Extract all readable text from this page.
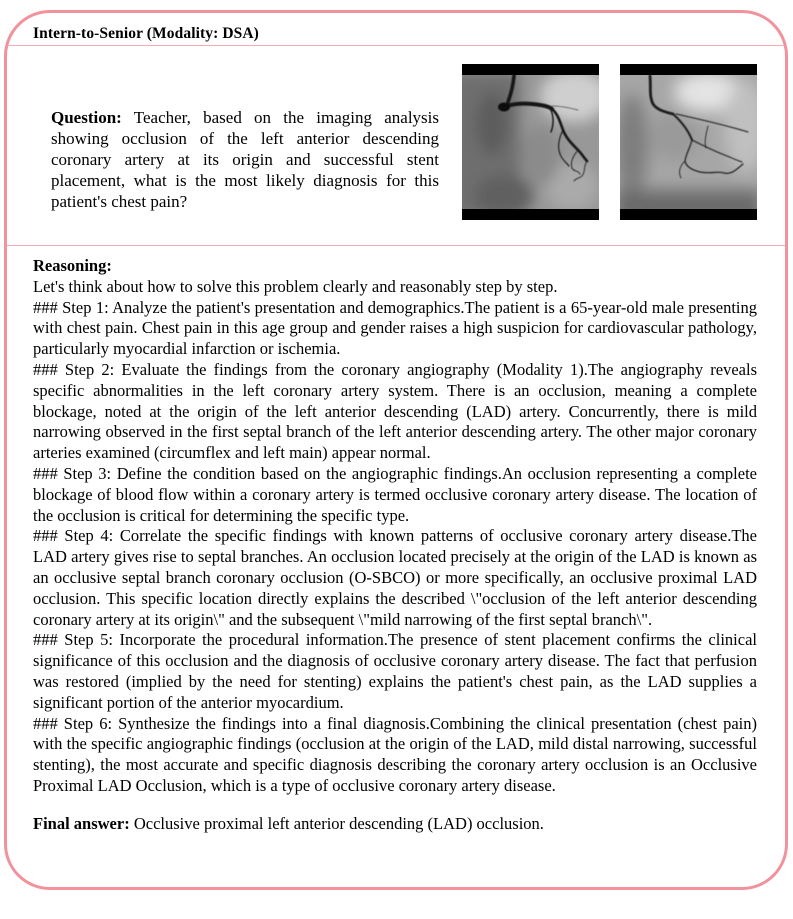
Intern-to-Senior (Modality: DSA)

Question: Teacher, based on the imaging analysis showing occlusion of the left anterior descending coronary artery at its origin and successful stent placement, what is the most likely diagnosis for this patient's chest pain?

Reasoning:

Let's think about how to solve this problem clearly and reasonably step by step.
### Step 1: Analyze the patient's presentation and demographics.The patient is a 65-year-old male presenting with chest pain. Chest pain in this age group and gender raises a high suspicion for cardiovascular pathology, particularly myocardial infarction or ischemia.
### Step 2: Evaluate the findings from the coronary angiography (Modality 1).The angiography reveals specific abnormalities in the left coronary artery system. There is an occlusion, meaning a complete blockage, noted at the origin of the left anterior descending (LAD) artery. Concurrently, there is mild narrowing observed in the first septal branch of the left anterior descending artery. The other major coronary arteries examined (circumflex and left main) appear normal.
### Step 3: Define the condition based on the angiographic findings.An occlusion representing a complete blockage of blood flow within a coronary artery is termed occlusive coronary artery disease. The location of the occlusion is critical for determining the specific type.
### Step 4: Correlate the specific findings with known patterns of occlusive coronary artery disease.The LAD artery gives rise to septal branches. An occlusion located precisely at the origin of the LAD is known as an occlusive septal branch coronary occlusion (O-SBCO) or more specifically, an occlusive proximal LAD occlusion. This specific location directly explains the described \"occlusion of the left anterior descending coronary artery at its origin\" and the subsequent \"mild narrowing of the first septal branch\".
### Step 5: Incorporate the procedural information.The presence of stent placement confirms the clinical significance of this occlusion and the diagnosis of occlusive coronary artery disease. The fact that perfusion was restored (implied by the need for stenting) explains the patient's chest pain, as the LAD supplies a significant portion of the anterior myocardium.
### Step 6: Synthesize the findings into a final diagnosis.Combining the clinical presentation (chest pain) with the specific angiographic findings (occlusion at the origin of the LAD, mild distal narrowing, successful stenting), the most accurate and specific diagnosis describing the coronary artery occlusion is an Occlusive Proximal LAD Occlusion, which is a type of occlusive coronary artery disease.

Final answer: Occlusive proximal left anterior descending (LAD) occlusion.
